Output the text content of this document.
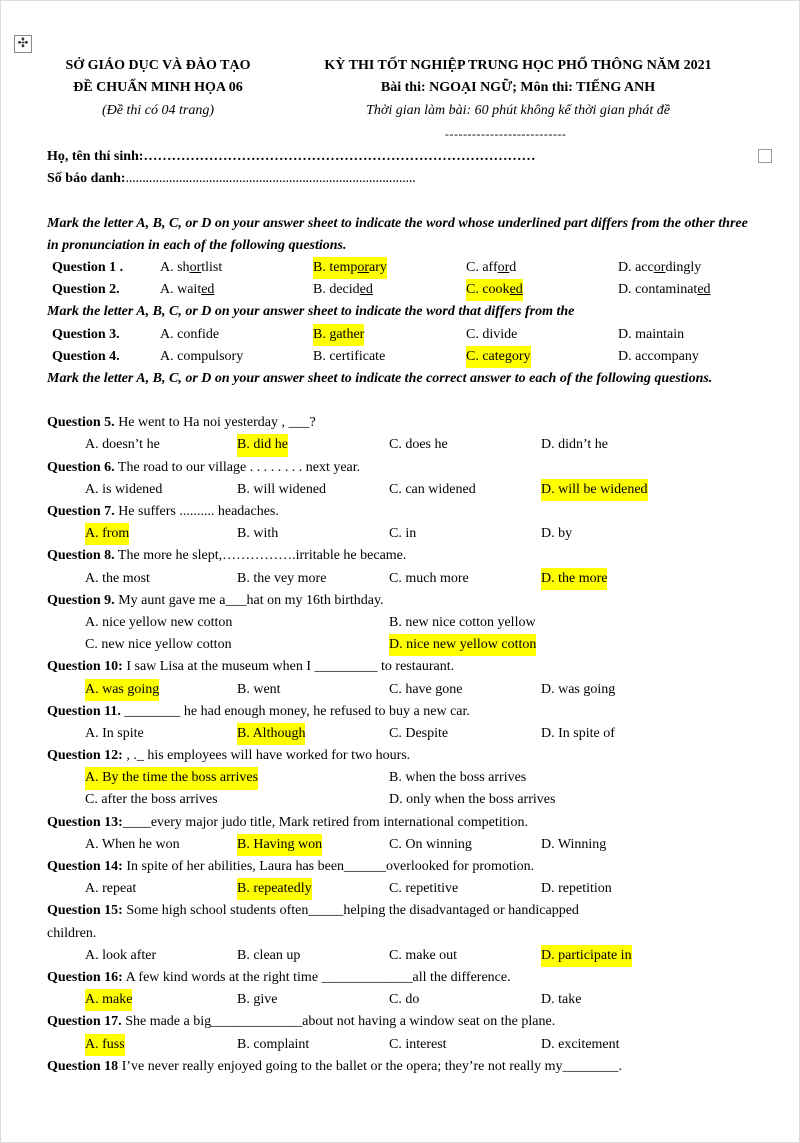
✣
SỞ GIÁO DỤC VÀ ĐÀO TẠO
ĐỀ CHUẨN MINH HỌA 06
(Đề thi có 04 trang)
KỲ THI TỐT NGHIỆP TRUNG HỌC PHỔ THÔNG NĂM 2021
Bài thi: NGOẠI NGỮ; Môn thi: TIẾNG ANH
Thời gian làm bài: 60 phút không kể thời gian phát đề
---------------------------
Họ, tên thí sinh:…………………………………………………………………………
Số báo danh:……………………………………………………………………………
Mark the letter A, B, C, or D on your answer sheet to indicate the word whose underlined part differs from the other three in pronunciation in each of the following questions.
Question 1 .	A. shortlist	B. temporary	C. afford	D. accordingly
Question 2.	A. waited	B. decided	C. cooked	D. contaminated
Mark the letter A, B, C, or D on your answer sheet to indicate the word that differs from the
Question 3.	A. confide	B. gather	C. divide	D. maintain
Question 4.	A. compulsory	B. certificate	C. category	D. accompany
Mark the letter A, B, C, or D on your answer sheet to indicate the correct answer to each of the following questions.
Question 5. He went to Ha noi yesterday , ___?
A. doesn’t he	B. did he	C. does he	D. didn’t he
Question 6. The road to our village . . . . . . . . next year.
A. is widened	B. will widened	C. can widened	D. will be widened
Question 7. He suffers .......... headaches.
A. from	B. with	C. in	D. by
Question 8. The more he slept,…………….irritable he became.
A. the most	B. the vey more	C. much more	D. the more
Question 9. My aunt gave me a___hat on my 16th birthday.
A. nice yellow new cotton	B. new nice cotton yellow
C. new nice yellow cotton	D. nice new yellow cotton
Question 10: I saw Lisa at the museum when I _________ to restaurant.
A. was going	B. went	C. have gone	D. was going
Question 11. ________ he had enough money, he refused to buy a new car.
A. In spite	B. Although	C. Despite	D. In spite of
Question 12: , ._ his employees will have worked for two hours.
A. By the time the boss arrives	B. when the boss arrives
C. after the boss arrives	D. only when the boss arrives
Question 13:____every major judo title, Mark retired from international competition.
A. When he won	B. Having won	C. On winning	D. Winning
Question 14: In spite of her abilities, Laura has been______overlooked for promotion.
A. repeat	B. repeatedly	C. repetitive	D. repetition
Question 15: Some high school students often_____helping the disadvantaged or handicapped
children.
A. look after	B. clean up	C. make out	D. participate in
Question 16: A few kind words at the right time _____________all the difference.
A. make	B. give	C. do	D. take
Question 17. She made a big_____________about not having a window seat on the plane.
A. fuss	B. complaint	C. interest	D. excitement
Question 18 I’ve never really enjoyed going to the ballet or the opera; they’re not really my________.
